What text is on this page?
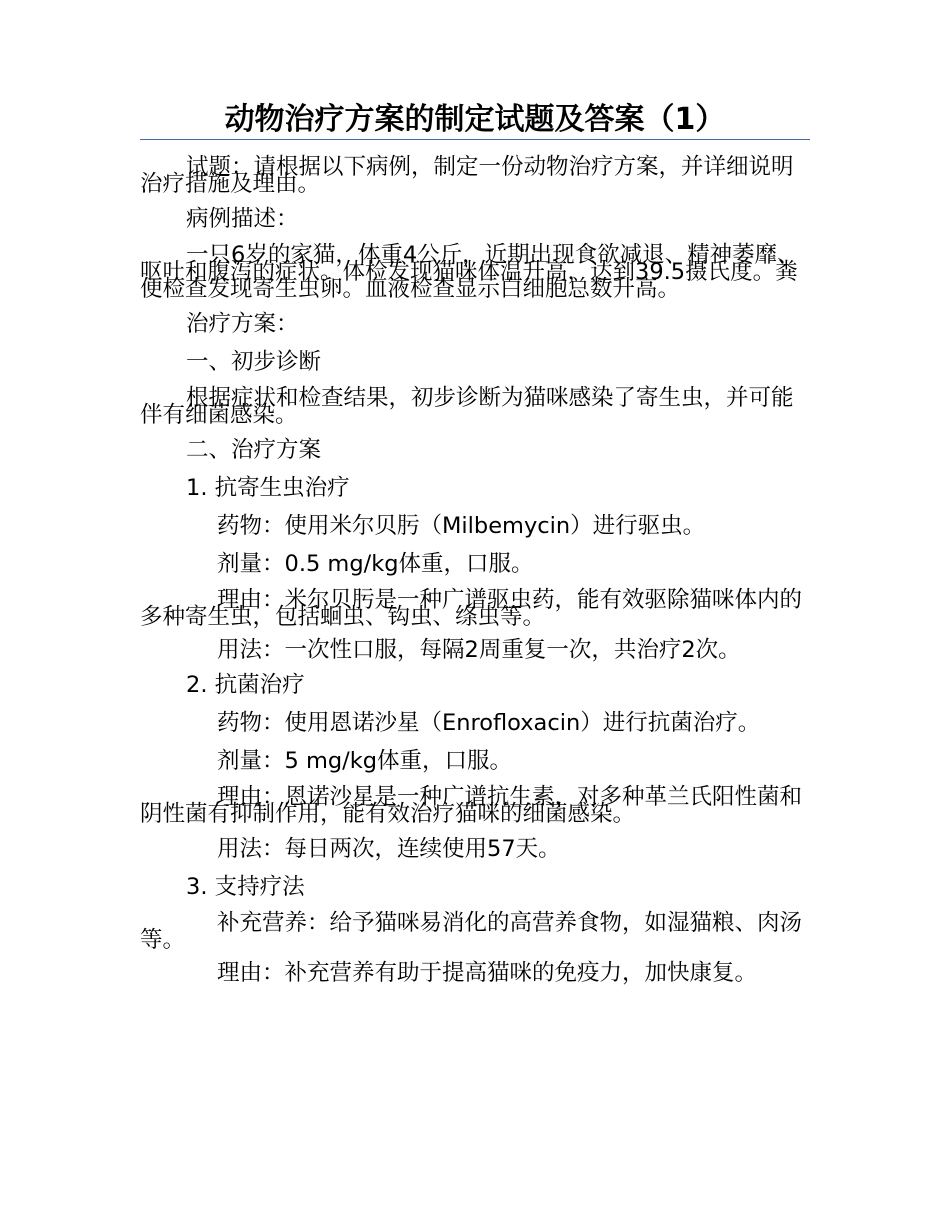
动物治疗方案的制定试题及答案（1）

试题：请根据以下病例，制定一份动物治疗方案，并详细说明治疗措施及理由。

病例描述：

一只6岁的家猫，体重4公斤，近期出现食欲减退、精神萎靡、呕吐和腹泻的症状。体检发现猫咪体温升高，达到39.5摄氏度。粪便检查发现寄生虫卵。血液检查显示白细胞总数升高。

治疗方案：

一、初步诊断

根据症状和检查结果，初步诊断为猫咪感染了寄生虫，并可能伴有细菌感染。

二、治疗方案

1. 抗寄生虫治疗

药物：使用米尔贝肟（Milbemycin）进行驱虫。

剂量：0.5 mg/kg体重，口服。

理由：米尔贝肟是一种广谱驱虫药，能有效驱除猫咪体内的多种寄生虫，包括蛔虫、钩虫、绦虫等。

用法：一次性口服，每隔2周重复一次，共治疗2次。

2. 抗菌治疗

药物：使用恩诺沙星（Enrofloxacin）进行抗菌治疗。

剂量：5 mg/kg体重，口服。

理由：恩诺沙星是一种广谱抗生素，对多种革兰氏阳性菌和阴性菌有抑制作用，能有效治疗猫咪的细菌感染。

用法：每日两次，连续使用57天。

3. 支持疗法

补充营养：给予猫咪易消化的高营养食物，如湿猫粮、肉汤等。

理由：补充营养有助于提高猫咪的免疫力，加快康复。
